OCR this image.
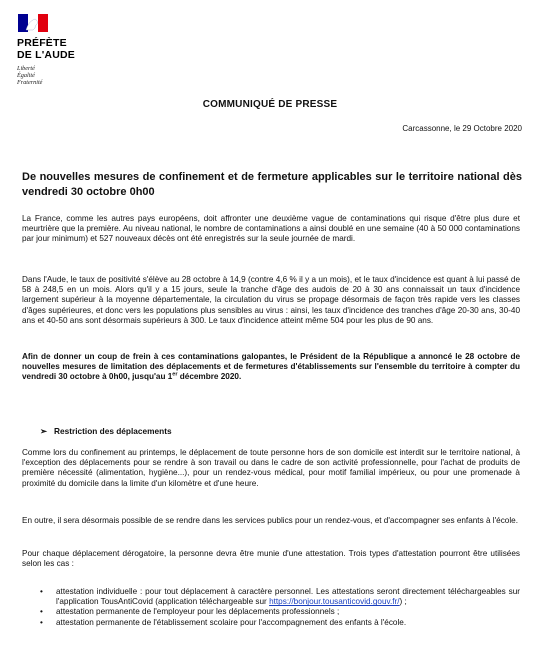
PRÉFÈTE
DE L'AUDE
Liberté
Égalité
Fraternité
COMMUNIQUÉ DE PRESSE
Carcassonne, le 29 Octobre 2020
De nouvelles mesures de confinement et de fermeture applicables sur le territoire national dès vendredi 30 octobre 0h00

La France, comme les autres pays européens, doit affronter une deuxième vague de contaminations qui risque d'être plus dure et meurtrière que la première. Au niveau national, le nombre de contaminations a ainsi doublé en une semaine (40 à 50 000 contaminations par jour minimum) et 527 nouveaux décès ont été enregistrés sur la seule journée de mardi.

Dans l'Aude, le taux de positivité s'élève au 28 octobre à 14,9 (contre 4,6 % il y a un mois), et le taux d'incidence est quant à lui passé de 58 à 248,5 en un mois. Alors qu'il y a 15 jours, seule la tranche d'âge des audois de 20 à 30 ans connaissait un taux d'incidence largement supérieur à la moyenne départementale, la circulation du virus se propage désormais de façon très rapide vers les classes d'âges supérieures, et donc vers les populations plus sensibles au virus : ainsi, les taux d'incidence des tranches d'âge 20-30 ans, 30-40 ans et 40-50 ans sont désormais supérieurs à 300. Le taux d'incidence atteint même 504 pour les plus de 90 ans.

Afin de donner un coup de frein à ces contaminations galopantes, le Président de la République a annoncé le 28 octobre de nouvelles mesures de limitation des déplacements et de fermetures d'établissements sur l'ensemble du territoire à compter du vendredi 30 octobre à 0h00, jusqu'au 1er décembre 2020.

➢ Restriction des déplacements

Comme lors du confinement au printemps, le déplacement de toute personne hors de son domicile est interdit sur le territoire national, à l'exception des déplacements pour se rendre à son travail ou dans le cadre de son activité professionnelle, pour l'achat de produits de première nécessité (alimentation, hygiène...), pour un rendez-vous médical, pour motif familial impérieux, ou pour une promenade à proximité du domicile dans la limite d'un kilomètre et d'une heure.

En outre, il sera désormais possible de se rendre dans les services publics pour un rendez-vous, et d'accompagner ses enfants à l'école.

Pour chaque déplacement dérogatoire, la personne devra être munie d'une attestation. Trois types d'attestation pourront être utilisées selon les cas :

• attestation individuelle : pour tout déplacement à caractère personnel. Les attestations seront directement téléchargeables sur l'application TousAntiCovid (application téléchargeable sur https://bonjour.tousanticovid.gouv.fr/) ;
• attestation permanente de l'employeur pour les déplacements professionnels ;
• attestation permanente de l'établissement scolaire pour l'accompagnement des enfants à l'école.
